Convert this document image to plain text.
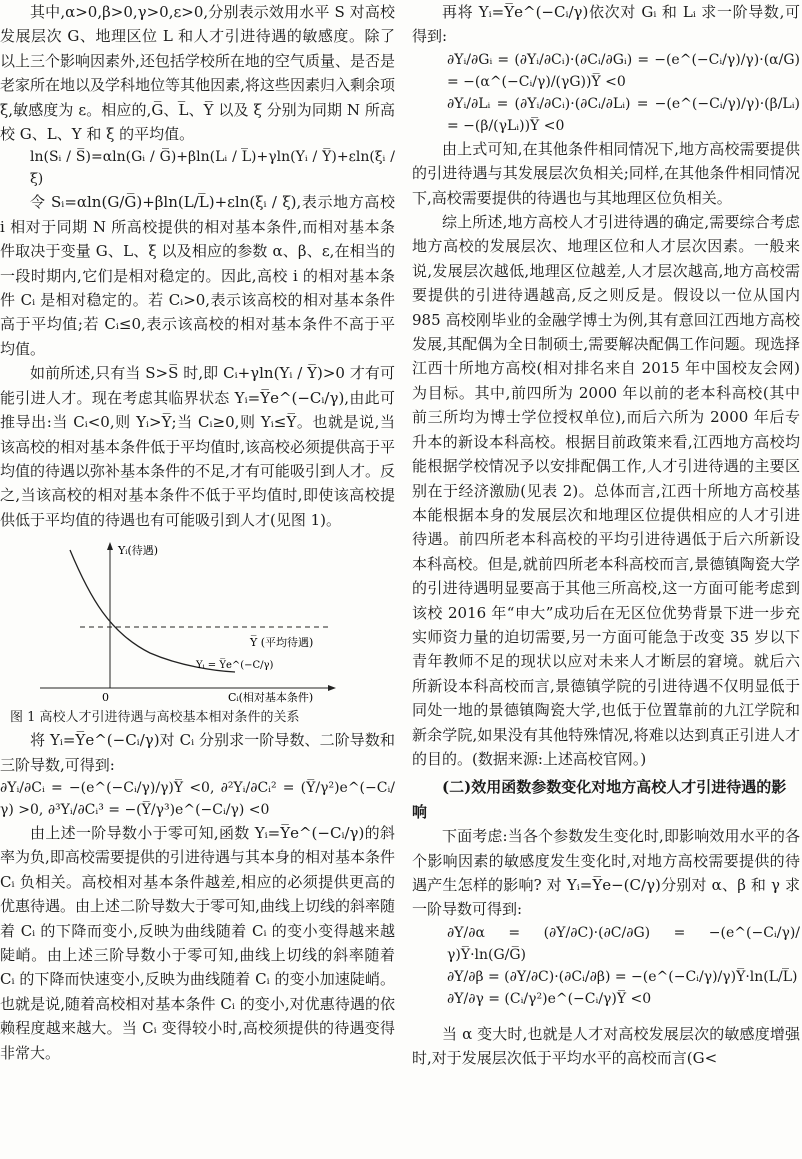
其中,α>0,β>0,γ>0,ε>0,分别表示效用水平 S 对高校发展层次 G、地理区位 L 和人才引进待遇的敏感度。除了以上三个影响因素外,还包括学校所在地的空气质量、是否是老家所在地以及学科地位等其他因素,将这些因素归入剩余项 ξ,敏感度为 ε。相应的,G̅、L̅、Y̅ 以及 ξ̅ 分别为同期 N 所高校 G、L、Y 和 ξ 的平均值。

ln(Sᵢ / S̅)=αln(Gᵢ / G̅)+βln(Lᵢ / L̅)+γln(Yᵢ / Y̅)+εln(ξᵢ / ξ̅)

令 Sᵢ=αln(G/G̅)+βln(L/L̅)+εln(ξᵢ / ξ̅),表示地方高校 i 相对于同期 N 所高校提供的相对基本条件,而相对基本条件取决于变量 G、L、ξ 以及相应的参数 α、β、ε,在相当的一段时期内,它们是相对稳定的。因此,高校 i 的相对基本条件 Cᵢ 是相对稳定的。若 Cᵢ>0,表示该高校的相对基本条件高于平均值;若 Cᵢ≤0,表示该高校的相对基本条件不高于平均值。

如前所述,只有当 S>S̅ 时,即 Cᵢ+γln(Yᵢ / Y̅)>0 才有可能引进人才。现在考虑其临界状态 Yᵢ=Y̅e^(−Cᵢ/γ),由此可推导出:当 Cᵢ<0,则 Yᵢ>Y̅;当 Cᵢ≥0,则 Yᵢ≤Y̅。也就是说,当该高校的相对基本条件低于平均值时,该高校必须提供高于平均值的待遇以弥补基本条件的不足,才有可能吸引到人才。反之,当该高校的相对基本条件不低于平均值时,即使该高校提供低于平均值的待遇也有可能吸引到人才(见图 1)。

Yᵢ(待遇)
0	Cᵢ(相对基本条件)
Y̅ (平均待遇)
Yᵢ = Y̅e^(−C/γ)
图 1 高校人才引进待遇与高校基本相对条件的关系

将 Yᵢ=Y̅e^(−Cᵢ/γ)对 Cᵢ 分别求一阶导数、二阶导数和三阶导数,可得到:

∂Yᵢ/∂Cᵢ = −(e^(−Cᵢ/γ)/γ)Y̅ <0, ∂²Yᵢ/∂Cᵢ² = (Y̅/γ²)e^(−Cᵢ/γ) >0, ∂³Yᵢ/∂Cᵢ³ = −(Y̅/γ³)e^(−Cᵢ/γ) <0

由上述一阶导数小于零可知,函数 Yᵢ=Y̅e^(−Cᵢ/γ)的斜率为负,即高校需要提供的引进待遇与其本身的相对基本条件 Cᵢ 负相关。高校相对基本条件越差,相应的必须提供更高的优惠待遇。由上述二阶导数大于零可知,曲线上切线的斜率随着 Cᵢ 的下降而变小,反映为曲线随着 Cᵢ 的变小变得越来越陡峭。由上述三阶导数小于零可知,曲线上切线的斜率随着 Cᵢ 的下降而快速变小,反映为曲线随着 Cᵢ 的变小加速陡峭。也就是说,随着高校相对基本条件 Cᵢ 的变小,对优惠待遇的依赖程度越来越大。当 Cᵢ 变得较小时,高校须提供的待遇变得非常大。

再将 Yᵢ=Y̅e^(−Cᵢ/γ)依次对 Gᵢ 和 Lᵢ 求一阶导数,可得到:

∂Yᵢ/∂Gᵢ = (∂Yᵢ/∂Cᵢ)·(∂Cᵢ/∂Gᵢ) = −(e^(−Cᵢ/γ)/γ)·(α/G) = −(α^(−Cᵢ/γ)/(γG))Y̅ <0

∂Yᵢ/∂Lᵢ = (∂Yᵢ/∂Cᵢ)·(∂Cᵢ/∂Lᵢ) = −(e^(−Cᵢ/γ)/γ)·(β/Lᵢ) = −(β/(γLᵢ))Y̅ <0

由上式可知,在其他条件相同情况下,地方高校需要提供的引进待遇与其发展层次负相关;同样,在其他条件相同情况下,高校需要提供的待遇也与其地理区位负相关。

综上所述,地方高校人才引进待遇的确定,需要综合考虑地方高校的发展层次、地理区位和人才层次因素。一般来说,发展层次越低,地理区位越差,人才层次越高,地方高校需要提供的引进待遇越高,反之则反是。假设以一位从国内 985 高校刚毕业的金融学博士为例,其有意回江西地方高校发展,其配偶为全日制硕士,需要解决配偶工作问题。现选择江西十所地方高校(相对排名来自 2015 年中国校友会网)为目标。其中,前四所为 2000 年以前的老本科高校(其中前三所均为博士学位授权单位),而后六所为 2000 年后专升本的新设本科高校。根据目前政策来看,江西地方高校均能根据学校情况予以安排配偶工作,人才引进待遇的主要区别在于经济激励(见表 2)。总体而言,江西十所地方高校基本能根据本身的发展层次和地理区位提供相应的人才引进待遇。前四所老本科高校的平均引进待遇低于后六所新设本科高校。但是,就前四所老本科高校而言,景德镇陶瓷大学的引进待遇明显要高于其他三所高校,这一方面可能考虑到该校 2016 年“申大”成功后在无区位优势背景下进一步充实师资力量的迫切需要,另一方面可能急于改变 35 岁以下青年教师不足的现状以应对未来人才断层的窘境。就后六所新设本科高校而言,景德镇学院的引进待遇不仅明显低于同处一地的景德镇陶瓷大学,也低于位置靠前的九江学院和新余学院,如果没有其他特殊情况,将难以达到真正引进人才的目的。(数据来源:上述高校官网。)

(二)效用函数参数变化对地方高校人才引进待遇的影响

下面考虑:当各个参数发生变化时,即影响效用水平的各个影响因素的敏感度发生变化时,对地方高校需要提供的待遇产生怎样的影响? 对 Yᵢ=Y̅e−(C/γ)分别对 α、β 和 γ 求一阶导数可得到:

∂Y/∂α = (∂Y/∂C)·(∂C/∂G) = −(e^(−Cᵢ/γ)/γ)Y̅·ln(G/G̅)

∂Y/∂β = (∂Y/∂C)·(∂Cᵢ/∂β) = −(e^(−Cᵢ/γ)/γ)Y̅·ln(L/L̅)

∂Y/∂γ = (Cᵢ/γ²)e^(−Cᵢ/γ)Y̅ <0

当 α 变大时,也就是人才对高校发展层次的敏感度增强时,对于发展层次低于平均水平的高校而言(G<
